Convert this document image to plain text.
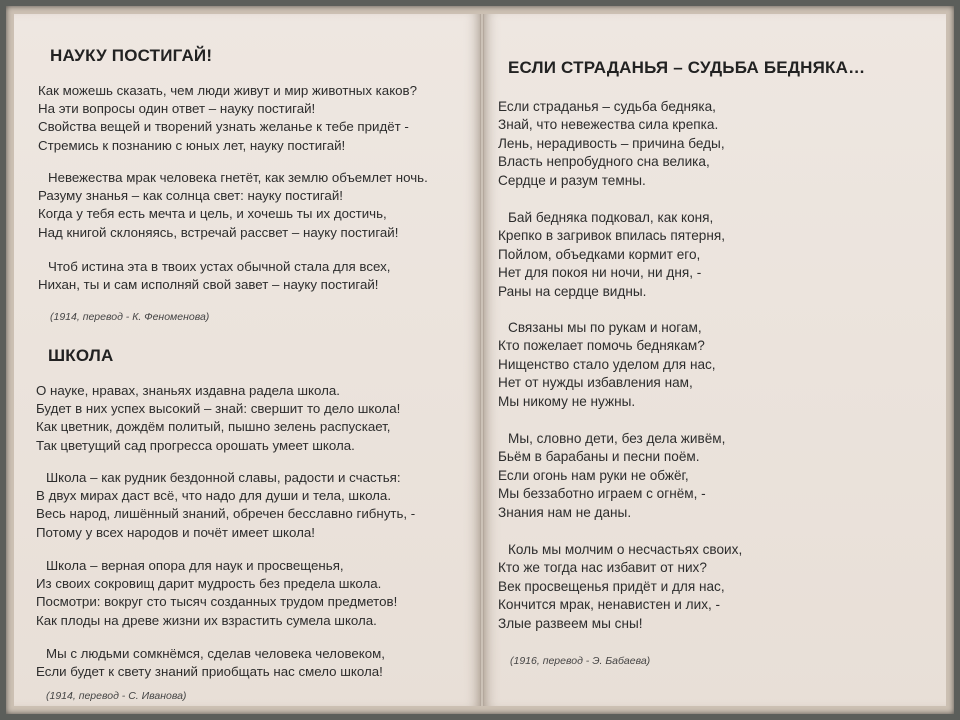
НАУКУ ПОСТИГАЙ!

Как можешь сказать, чем люди живут и мир животных каков?
На эти вопросы один ответ – науку постигай!
Свойства вещей и творений узнать желанье к тебе придёт -
Стремись к познанию с юных лет, науку постигай!

Невежества мрак человека гнетёт, как землю объемлет ночь.
Разуму знанья – как солнца свет: науку постигай!
Когда у тебя есть мечта и цель, и хочешь ты их достичь,
Над книгой склоняясь, встречай рассвет – науку постигай!

Чтоб истина эта в твоих устах обычной стала для всех,
Нихан, ты и сам исполняй свой завет – науку постигай!

(1914, перевод - К. Феноменова)

ШКОЛА

О науке, нравах, знаньях издавна радела школа.
Будет в них успех высокий – знай: свершит то дело школа!
Как цветник, дождём политый, пышно зелень распускает,
Так цветущий сад прогресса орошать умеет школа.

Школа – как рудник бездонной славы, радости и счастья:
В двух мирах даст всё, что надо для души и тела, школа.
Весь народ, лишённый знаний, обречен бесславно гибнуть, -
Потому у всех народов и почёт имеет школа!

Школа – верная опора для наук и просвещенья,
Из своих сокровищ дарит мудрость без предела школа.
Посмотри: вокруг сто тысяч созданных трудом предметов!
Как плоды на древе жизни их взрастить сумела школа.

Мы с людьми сомкнёмся, сделав человека человеком,
Если будет к свету знаний приобщать нас смело школа!

(1914, перевод - С. Иванова)

ЕСЛИ СТРАДАНЬЯ – СУДЬБА БЕДНЯКА…

Если страданья – судьба бедняка,
Знай, что невежества сила крепка.
Лень, нерадивость – причина беды,
Власть непробудного сна велика,
Сердце и разум темны.

Бай бедняка подковал, как коня,
Крепко в загривок впилась пятерня,
Пойлом, объедками кормит его,
Нет для покоя ни ночи, ни дня, -
Раны на сердце видны.

Связаны мы по рукам и ногам,
Кто пожелает помочь беднякам?
Нищенство стало уделом для нас,
Нет от нужды избавления нам,
Мы никому не нужны.

Мы, словно дети, без дела живём,
Бьём в барабаны и песни поём.
Если огонь нам руки не обжёг,
Мы беззаботно играем с огнём, -
Знания нам не даны.

Коль мы молчим о несчастьях своих,
Кто же тогда нас избавит от них?
Век просвещенья придёт и для нас,
Кончится мрак, ненавистен и лих, -
Злые развеем мы сны!

(1916, перевод - Э. Бабаева)
